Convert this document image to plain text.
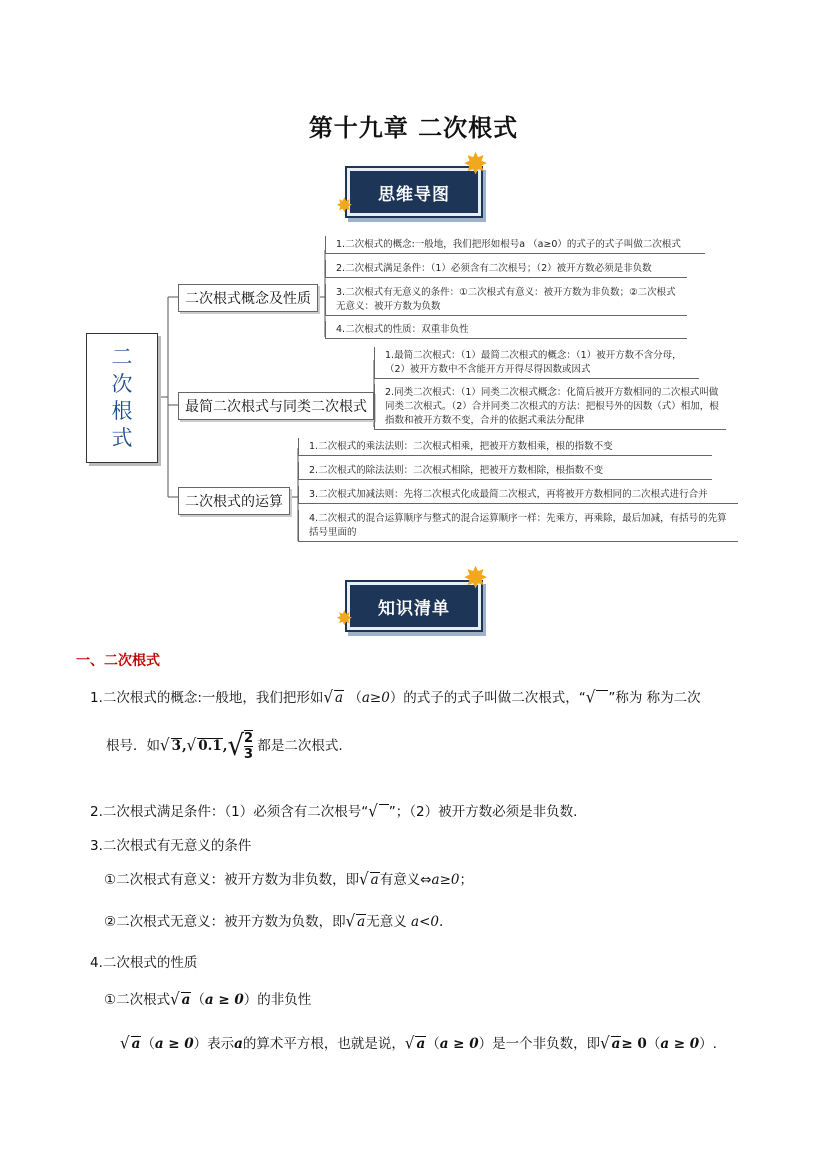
第十九章 二次根式
思维导图
✸
✸
二
次
根
式
二次根式概念及性质
1.二次根式的概念:一般地，我们把形如根号a （a≥0）的式子的式子叫做二次根式
2.二次根式满足条件：（1）必须含有二次根号；（2）被开方数必须是非负数
3.二次根式有无意义的条件：①二次根式有意义：被开方数为非负数；②二次根式无意义：被开方数为负数
4.二次根式的性质：双重非负性
最简二次根式与同类二次根式
1.最简二次根式：（1）最简二次根式的概念：（1）被开方数不含分母，（2）被开方数中不含能开方开得尽得因数或因式
2.同类二次根式：（1）同类二次根式概念：化简后被开方数相同的二次根式叫做同类二次根式。（2）合并同类二次根式的方法：把根号外的因数（式）相加，根指数和被开方数不变，合并的依据式乘法分配律
二次根式的运算
1.二次根式的乘法法则：二次根式相乘，把被开方数相乘，根的指数不变
2.二次根式的除法法则：二次根式相除，把被开方数相除，根指数不变
3.二次根式加减法则：先将二次根式化成最简二次根式，再将被开方数相同的二次根式进行合并
4.二次根式的混合运算顺序与整式的混合运算顺序一样：先乘方，再乘除，最后加减，有括号的先算括号里面的
知识清单
✸
✸
一、二次根式
1.二次根式的概念:一般地，我们把形如√ a （a≥0）的式子的式子叫做二次根式，“√ ”称为 称为二次
根号．如√ 3,√ $0.1,√ \frac{2}{3}$ 都是二次根式.
2.二次根式满足条件：（1）必须含有二次根号“√ ”；（2）被开方数必须是非负数.
3.二次根式有无意义的条件
①二次根式有意义：被开方数为非负数，即√ a有意义⇔a≥0；
②二次根式无意义：被开方数为负数，即√ a无意义 a<0.
4.二次根式的性质
①二次根式√ a（a ≥ 0）的非负性
√ a（a ≥ 0）表示a的算术平方根，也就是说，√ a（a ≥ 0）是一个非负数，即√ a≥ 0（a ≥ 0）.
